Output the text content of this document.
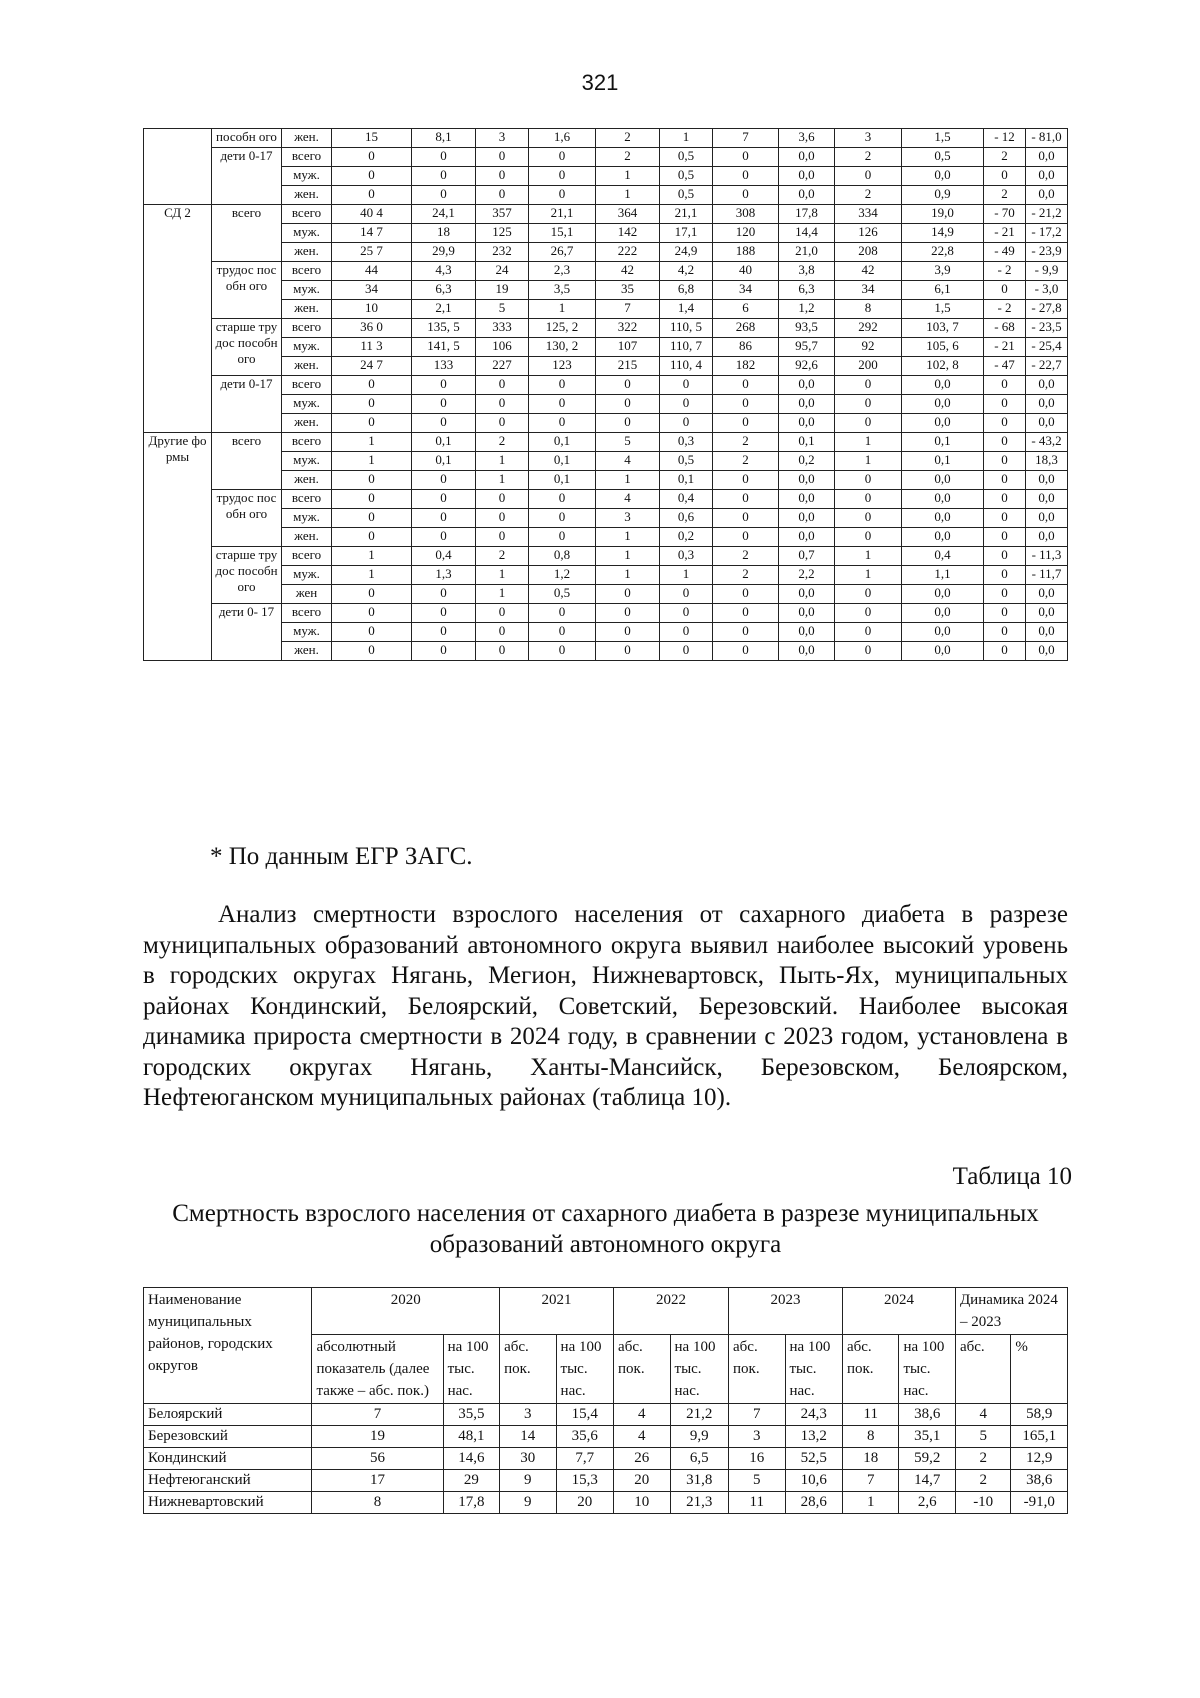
321
	пособн ого	жен.	15	8,1	3	1,6	2	1	7	3,6	3	1,5	- 12	- 81,0
	дети 0-17	всего	0	0	0	0	2	0,5	0	0,0	2	0,5	2	0,0
		муж.	0	0	0	0	1	0,5	0	0,0	0	0,0	0	0,0
		жен.	0	0	0	0	1	0,5	0	0,0	2	0,9	2	0,0
СД 2	всего	всего	40 4	24,1	357	21,1	364	21,1	308	17,8	334	19,0	- 70	- 21,2
		муж.	14 7	18	125	15,1	142	17,1	120	14,4	126	14,9	- 21	- 17,2
		жен.	25 7	29,9	232	26,7	222	24,9	188	21,0	208	22,8	- 49	- 23,9
	трудос пособн ого	всего	44	4,3	24	2,3	42	4,2	40	3,8	42	3,9	- 2	- 9,9
		муж.	34	6,3	19	3,5	35	6,8	34	6,3	34	6,1	0	- 3,0
		жен.	10	2,1	5	1	7	1,4	6	1,2	8	1,5	- 2	- 27,8
	старше трудос пособн ого	всего	36 0	135, 5	333	125, 2	322	110, 5	268	93,5	292	103, 7	- 68	- 23,5
		муж.	11 3	141, 5	106	130, 2	107	110, 7	86	95,7	92	105, 6	- 21	- 25,4
		жен.	24 7	133	227	123	215	110, 4	182	92,6	200	102, 8	- 47	- 22,7
	дети 0-17	всего	0	0	0	0	0	0	0	0,0	0	0,0	0	0,0
		муж.	0	0	0	0	0	0	0	0,0	0	0,0	0	0,0
		жен.	0	0	0	0	0	0	0	0,0	0	0,0	0	0,0
Другие формы	всего	всего	1	0,1	2	0,1	5	0,3	2	0,1	1	0,1	0	- 43,2
		муж.	1	0,1	1	0,1	4	0,5	2	0,2	1	0,1	0	18,3
		жен.	0	0	1	0,1	1	0,1	0	0,0	0	0,0	0	0,0
	трудос пособн ого	всего	0	0	0	0	4	0,4	0	0,0	0	0,0	0	0,0
		муж.	0	0	0	0	3	0,6	0	0,0	0	0,0	0	0,0
		жен.	0	0	0	0	1	0,2	0	0,0	0	0,0	0	0,0
	старше трудос пособн ого	всего	1	0,4	2	0,8	1	0,3	2	0,7	1	0,4	0	- 11,3
		муж.	1	1,3	1	1,2	1	1	2	2,2	1	1,1	0	- 11,7
		жен	0	0	1	0,5	0	0	0	0,0	0	0,0	0	0,0
	дети 0- 17	всего	0	0	0	0	0	0	0	0,0	0	0,0	0	0,0
		муж.	0	0	0	0	0	0	0	0,0	0	0,0	0	0,0
		жен.	0	0	0	0	0	0	0	0,0	0	0,0	0	0,0
* По данным ЕГР ЗАГС.

Анализ смертности взрослого населения от сахарного диабета в разрезе муниципальных образований автономного округа выявил наиболее высокий уровень в городских округах Нягань, Мегион, Нижневартовск, Пыть-Ях, муниципальных районах Кондинский, Белоярский, Советский, Березовский. Наиболее высокая динамика прироста смертности в 2024 году, в сравнении с 2023 годом, установлена в городских округах Нягань, Ханты-Мансийск, Березовском, Белоярском, Нефтеюганском муниципальных районах (таблица 10).

Таблица 10

Смертность взрослого населения от сахарного диабета в разрезе муниципальных образований автономного округа

Наименование муниципальных районов, городских округов	2020		2021		2022		2023		2024		Динамика 2024 – 2023	
	абсолютный показатель (далее также – абс. пок.)	на 100 тыс. нас.	абс. пок.	на 100 тыс. нас.	абс. пок.	на 100 тыс. нас.	абс. пок.	на 100 тыс. нас.	абс. пок.	на 100 тыс. нас.	абс.	%
Белоярский	7	35,5	3	15,4	4	21,2	7	24,3	11	38,6	4	58,9
Березовский	19	48,1	14	35,6	4	9,9	3	13,2	8	35,1	5	165,1
Кондинский	56	14,6	30	7,7	26	6,5	16	52,5	18	59,2	2	12,9
Нефтеюганский	17	29	9	15,3	20	31,8	5	10,6	7	14,7	2	38,6
Нижневартовский	8	17,8	9	20	10	21,3	11	28,6	1	2,6	-10	-91,0
